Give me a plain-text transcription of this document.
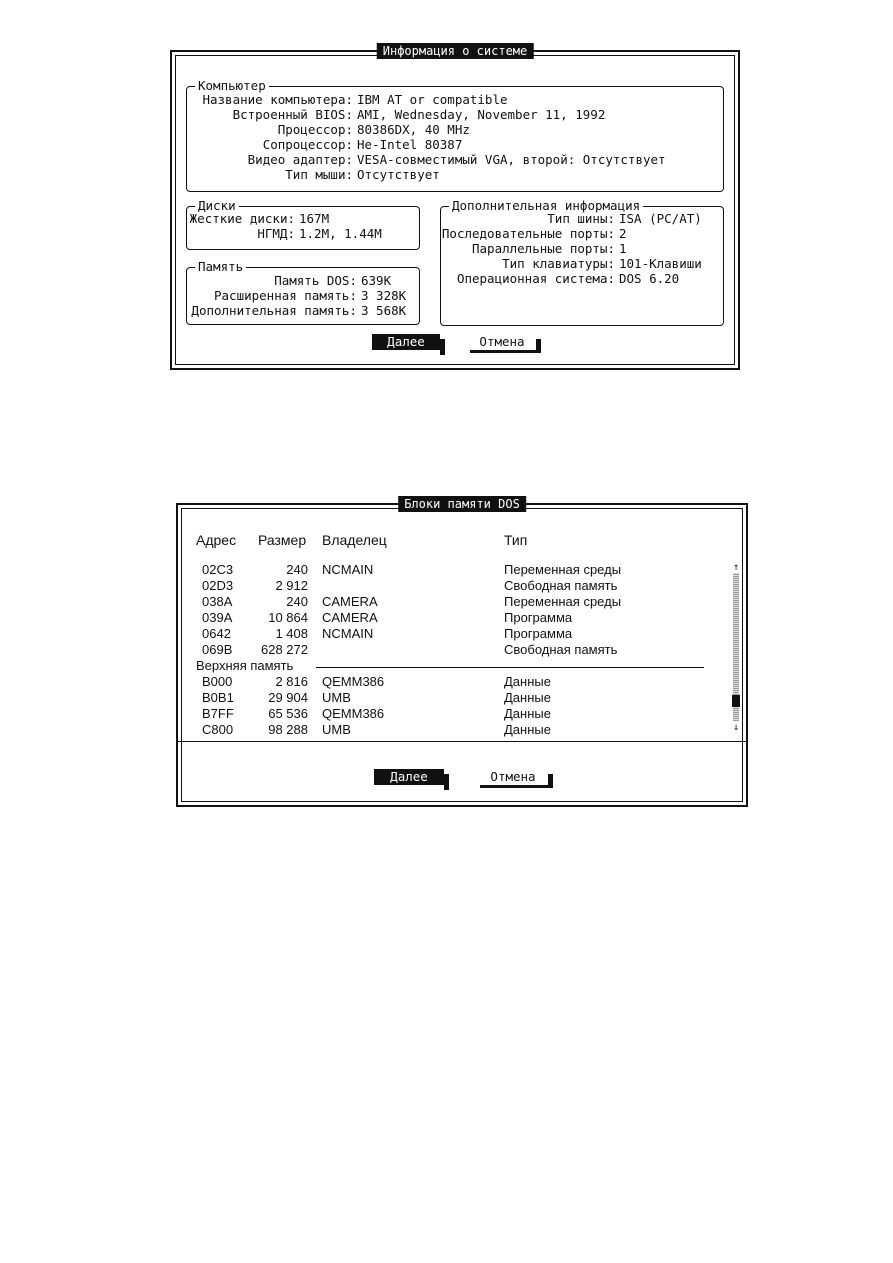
Информация о системе
Компьютер
Название компьютера: IBM AT or compatible
Встроенный BIOS: AMI, Wednesday, November 11, 1992
Процессор: 80386DX, 40 MHz
Сопроцессор: Не-Intel 80387
Видео адаптер: VESA-совместимый VGA, второй: Отсутствует
Тип мыши: Отсутствует
Диски
Жесткие диски: 167M
НГМД: 1.2M, 1.44M
Память
Память DOS: 639K
Расширенная память: 3 328K
Дополнительная память: 3 568K
Дополнительная информация
Тип шины: ISA (PC/AT)
Последовательные порты: 2
Параллельные порты: 1
Тип клавиатуры: 101-Клавиши
Операционная система: DOS 6.20
Далее	Отмена
Блоки памяти DOS
Адрес Размер Владелец	Тип
02C3	240 NCMAIN	Переменная среды
02D3	2 912	Свободная память
038A	240 CAMERA	Переменная среды
039A	10 864 CAMERA	Программа
0642	1 408 NCMAIN	Программа
069B 628 272	Свободная память
Верхняя память
B000	2 816 QEMM386	Данные
B0B1	29 904 UMB	Данные
B7FF	65 536 QEMM386	Данные
C800	98 288 UMB	Данные
↑
↓
Далее	Отмена
